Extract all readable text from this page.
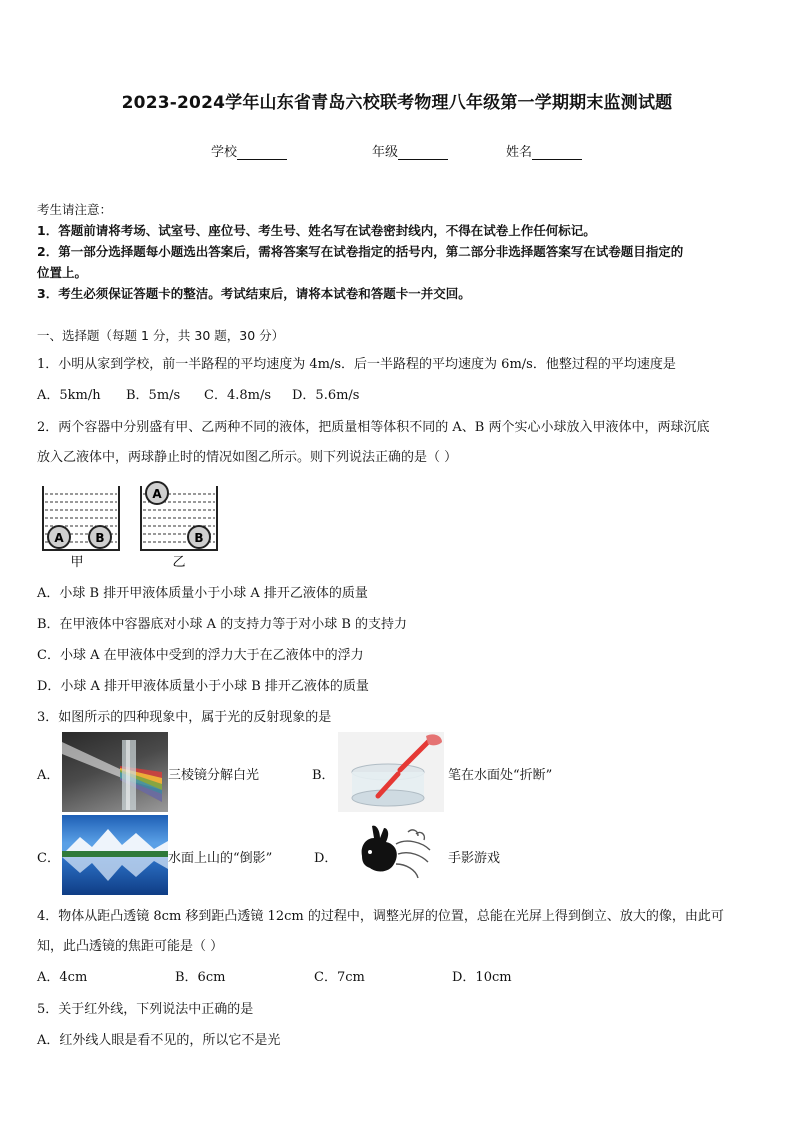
2023-2024学年山东省青岛六校联考物理八年级第一学期期末监测试题
学校	年级	姓名
考生请注意：
1．答题前请将考场、试室号、座位号、考生号、姓名写在试卷密封线内，不得在试卷上作任何标记。
2．第一部分选择题每小题选出答案后，需将答案写在试卷指定的括号内，第二部分非选择题答案写在试卷题目指定的
位置上。
3．考生必须保证答题卡的整洁。考试结束后，请将本试卷和答题卡一并交回。
一、选择题（每题 1 分，共 30 题，30 分）
1．小明从家到学校，前一半路程的平均速度为 4m/s．后一半路程的平均速度为 6m/s．他整过程的平均速度是
A．5km/h B．5m/s C．4.8m/s D．5.6m/s
2．两个容器中分别盛有甲、乙两种不同的液体，把质量相等体积不同的 A、B 两个实心小球放入甲液体中，两球沉底
放入乙液体中，两球静止时的情况如图乙所示。则下列说法正确的是（ ）
A	B
甲
A
B
乙
A．小球 B 排开甲液体质量小于小球 A 排开乙液体的质量
B．在甲液体中容器底对小球 A 的支持力等于对小球 B 的支持力
C．小球 A 在甲液体中受到的浮力大于在乙液体中的浮力
D．小球 A 排开甲液体质量小于小球 B 排开乙液体的质量
3．如图所示的四种现象中，属于光的反射现象的是
A．	三棱镜分解白光	B．	笔在水面处“折断”
C．	水面上山的“倒影”	D．	手影游戏
4．物体从距凸透镜 8cm 移到距凸透镜 12cm 的过程中，调整光屏的位置，总能在光屏上得到倒立、放大的像，由此可
知，此凸透镜的焦距可能是（ ）
A．4cm	B．6cm	C．7cm	D．10cm
5．关于红外线，下列说法中正确的是
A．红外线人眼是看不见的，所以它不是光
